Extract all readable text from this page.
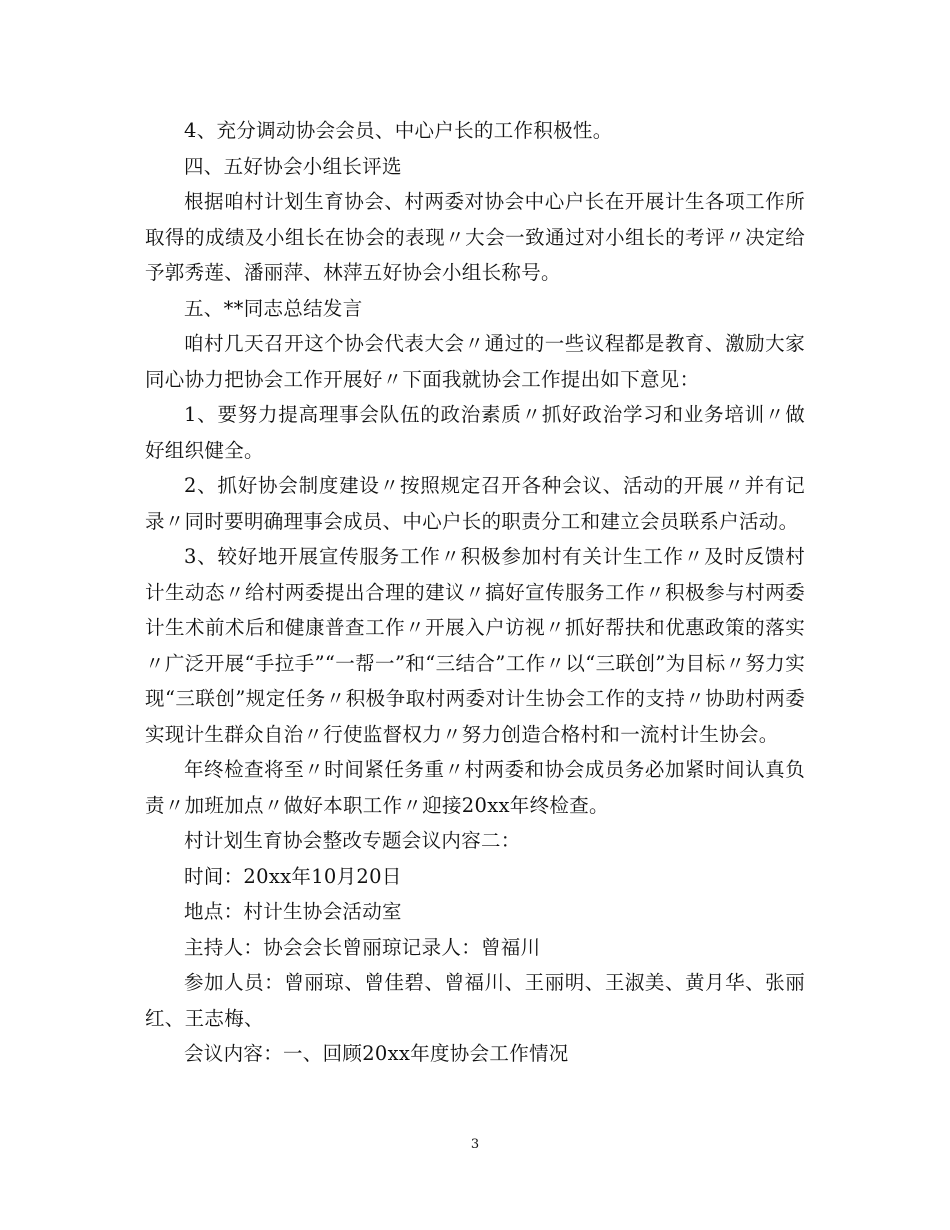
4、充分调动协会会员、中心户长的工作积极性。

四、五好协会小组长评选

根据咱村计划生育协会、村两委对协会中心户长在开展计生各项工作所取得的成绩及小组长在协会的表现〃大会一致通过对小组长的考评〃决定给予郭秀莲、潘丽萍、林萍五好协会小组长称号。

五、**同志总结发言

咱村几天召开这个协会代表大会〃通过的一些议程都是教育、激励大家同心协力把协会工作开展好〃下面我就协会工作提出如下意见：

1、要努力提高理事会队伍的政治素质〃抓好政治学习和业务培训〃做好组织健全。

2、抓好协会制度建设〃按照规定召开各种会议、活动的开展〃并有记录〃同时要明确理事会成员、中心户长的职责分工和建立会员联系户活动。

3、较好地开展宣传服务工作〃积极参加村有关计生工作〃及时反馈村计生动态〃给村两委提出合理的建议〃搞好宣传服务工作〃积极参与村两委计生术前术后和健康普查工作〃开展入户访视〃抓好帮扶和优惠政策的落实〃广泛开展“手拉手”“一帮一”和“三结合”工作〃以“三联创”为目标〃努力实现“三联创”规定任务〃积极争取村两委对计生协会工作的支持〃协助村两委实现计生群众自治〃行使监督权力〃努力创造合格村和一流村计生协会。

年终检查将至〃时间紧任务重〃村两委和协会成员务必加紧时间认真负责〃加班加点〃做好本职工作〃迎接20xx年终检查。

村计划生育协会整改专题会议内容二：

时间：20xx年10月20日

地点：村计生协会活动室

主持人：协会会长曾丽琼记录人：曾福川

参加人员：曾丽琼、曾佳碧、曾福川、王丽明、王淑美、黄月华、张丽红、王志梅、

会议内容：一、回顾20xx年度协会工作情况

3
